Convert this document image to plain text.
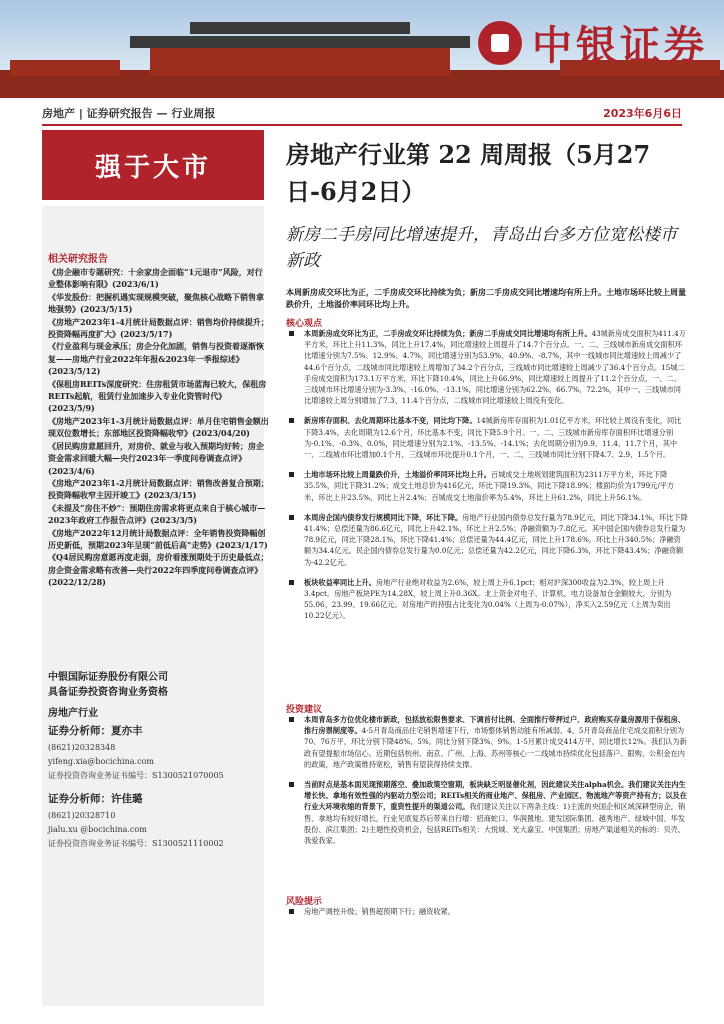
中银证券
房地产 | 证券研究报告 — 行业周报	2023年6月6日
强于大市
相关研究报告
《房企融市专题研究：十余家房企面临“1元退市”风险，对行业整体影响有限》(2023/6/1)
《华发股份：把握机遇实现规模突破，聚焦核心战略下销售拿地强势》(2023/5/15)
《房地产2023年1-4月统计局数据点评：销售均价持续提升；投资降幅再度扩大》(2023/5/17)
《行业盈利与现金承压；房企分化加剧，销售与投资着逐渐恢复——房地产行业2022年年报&2023年一季报综述》(2023/5/12)
《保租房REITs深度研究：住房租赁市场蓝海已较大，保租房REITs起航，租赁行业加速步入专业化资管时代》(2023/5/9)
《房地产2023年1-3月统计局数据点评：单月住宅销售金额出现双位数增长；东部地区投资降幅收窄》(2023/04/20)
《居民购房意愿回升，对房价、就业与收入预期均好转；房企资金需求回暖大幅—央行2023年一季度问卷调查点评》(2023/4/6)
《房地产2023年1-2月统计局数据点评：销售改善复合预期；投资降幅收窄主因开竣工》(2023/3/15)
《未提及“房住不炒”：预期住房需求将更点来自于核心城市—2023年政府工作报告点评》(2023/3/5)
《房地产2022年12月统计局数据点评：全年销售投资降幅创历史新低，预期2023年呈现“前低后高”走势》(2023/1/17)
《Q4居民购房意愿再度走弱，房价看涨预期处于历史最低点；房企资金需求略有改善—央行2022年四季度问卷调查点评》(2022/12/28)
中银国际证券股份有限公司
具备证券投资咨询业务资格
房地产行业
证券分析师：夏亦丰
(8621)20328348
yifeng.xia@bocichina.com
证券投资咨询业务证书编号：S1300521070005
证券分析师：许佳璐
(8621)20328710
jialu.xu @bocichina.com
证券投资咨询业务证书编号：S1300521110002
房地产行业第 22 周周报（5月27日-6月2日）
新房二手房同比增速提升，青岛出台多方位宽松楼市新政
本周新房成交环比为正，二手房成交环比持续为负；新房二手房成交同比增速均有所上升。土地市场环比较上周量跌价升，土地溢价率同环比均上升。
核心观点
本周新房成交环比为正，二手房成交环比持续为负；新房二手房成交同比增速均有所上升。43城新房成交面积为411.4万平方米，环比上升11.3%，同比上升17.4%，同比增速较上周提升了14.7个百分点。一、二、三线城市新房成交面积环比增速分别为7.5%、12.9%、4.7%，同比增速分别为53.9%、40.9%、-8.7%，其中一线城市同比增速较上周减少了44.6个百分点，二线城市同比增速较上周增加了34.2个百分点，三线城市同比增速较上周减少了36.4个百分点。15城二手房成交面积为173.1万平方米，环比下降10.4%，同比上升66.9%，同比增速较上周提升了11.2个百分点，一、二、三线城市环比增速分别为-3.3%、-16.0%、-13.1%，同比增速分别为62.2%、66.7%、72.2%，其中一、三线城市同比增速较上周分别增加了7.3、11.4个百分点，二线城市同比增速较上周没有变化。
新房库存面积、去化周期环比基本不变，同比均下降。14城新房库存面积为1.01亿平方米，环比较上周没有变化，同比下降3.4%，去化周期为12.6个月，环比基本不变，同比下降5.9个月。一、二、三线城市新房库存面积环比增速分别为-0.1%、-0.3%、0.0%，同比增速分别为2.1%、-13.5%、-14.1%；去化周期分别为9.9、11.4、11.7个月，其中一、二线城市环比增加0.1个月，三线城市环比提升0.1个月，一、二、三线城市同比分别下降4.7、2.9、1.5个月。
土地市场环比较上周量跌价升，土地溢价率同环比均上升。百城成交土地规划建筑面积为2311万平方米，环比下降35.5%，同比下降31.2%；成交土地总价为416亿元，环比下降19.3%，同比下降18.9%；楼面均价为1799元/平方米，环比上升23.5%，同比上升2.4%；百城成交土地溢价率为5.4%，环比上升61.2%，同比上升56.1%。
本周房企国内债券发行规模同比下降，环比下降。房地产行业国内债券总发行量为78.9亿元，同比下降34.1%，环比下降41.4%；总偿还量为86.6亿元，同比上升42.1%，环比上升2.5%；净融资额为-7.8亿元。其中国企国内债券总发行量为78.9亿元，同比下降28.1%，环比下降41.4%；总偿还量为44.4亿元，同比上升178.6%，环比上升340.5%；净融资额为34.4亿元。民企国内债券总发行量为0.0亿元；总偿还量为42.2亿元，同比下降6.3%，环比下降43.4%；净融资额为-42.2亿元。
板块收益率同比上升。房地产行业绝对收益为2.6%，较上周上升6.1pct；相对沪深300收益为2.3%，较上周上升3.4pct。房地产板块PE为14.28X，较上周上升0.36X。北上资金对电子、计算机、电力设备加仓金额较大，分别为55.06、23.99、19.66亿元。对房地产的持股占比变化为0.04%（上周为-0.07%），净买入2.59亿元（上周为卖出10.22亿元）。
投资建议
本周青岛多方位优化楼市新政，包括放松限售要求、下调首付比例、全面推行带押过户、政府购买存量房源用于保租房、推行房票制度等。4-5月青岛商品住宅销售增速下行，市场整体销售动能有所减弱，4、5月青岛商品住宅成交面积分别为70、76万平，环比分别下降48%、5%，同比分别下降3%、9%。1-5月累计成交414万平，同比增长12%。我们认为新政有望提振市场信心。近期包括杭州、南京、广州、上海、苏州等核心一二线城市持续优化包括落户、限购、公积金在内的政策，地产政策维持宽松，销售有望获得持续支撑。
当前时点是基本面见现预期落空、叠加政策空窗期，板块缺乏明显催化剂，因此建议关注alpha机会。我们建议关注内生增长快、拿地有效性强的内驱动力型公司；REITs相关的商业地产、保租房、产业园区、物流地产等资产持有方；以及在行业大环境收缩的背景下，重资性提升的渠道公司。我们建议关注以下两条主线：1)主流的央国企和区域深耕型房企，销售、拿地均有较好增长，行业见底复苏后带来自行增：招商蛇口、华润置地、建发国际集团、越秀地产、绿城中国、华发股份、滨江集团；2)主题性投资机会，包括REITs相关：大悦城、光大嘉宝、中国集团；房地产渠道相关的标的：贝壳、我爱我家。
风险提示
房地产调控升级；销售超预期下行；融资收紧。
